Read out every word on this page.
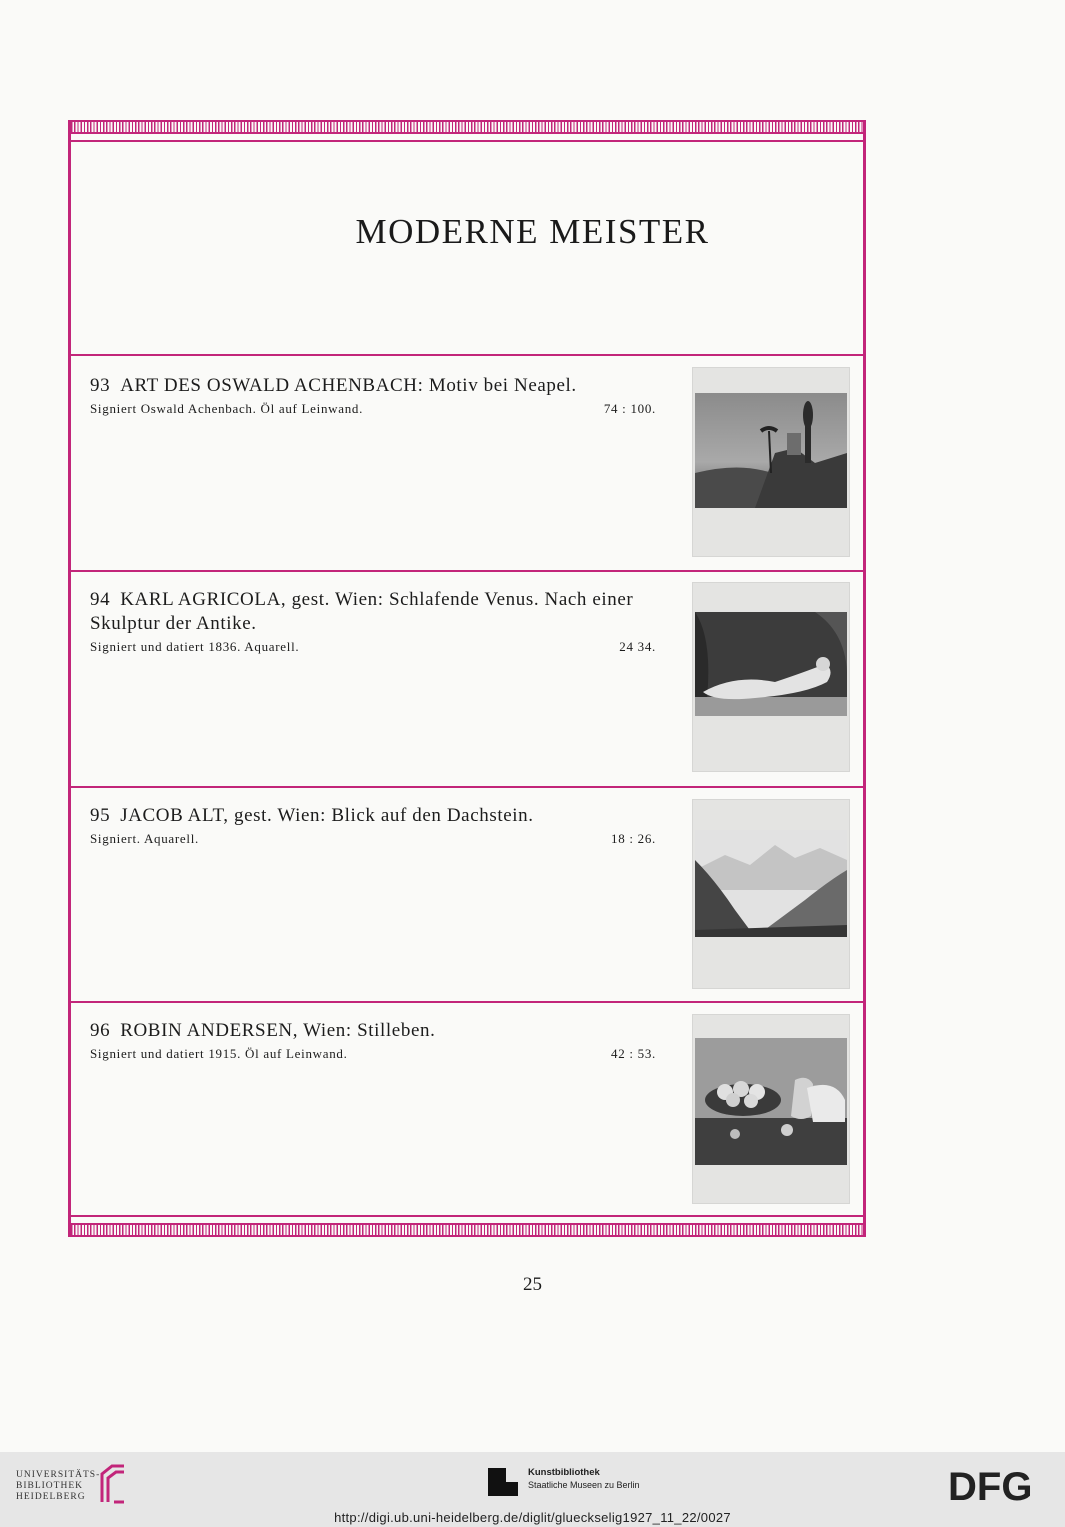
MODERNE MEISTER
93 ART DES OSWALD ACHENBACH: Motiv bei Neapel.
Signiert Oswald Achenbach. Öl auf Leinwand.	74 : 100.
94 KARL AGRICOLA, gest. Wien: Schlafende Venus. Nach einer Skulptur der Antike.
Signiert und datiert 1836. Aquarell.	24 34.
95 JACOB ALT, gest. Wien: Blick auf den Dachstein.
Signiert. Aquarell.	18 : 26.
96 ROBIN ANDERSEN, Wien: Stilleben.
Signiert und datiert 1915. Öl auf Leinwand.	42 : 53.
25
UNIVERSITÄTS-
BIBLIOTHEK
HEIDELBERG
Kunstbibliothek
Staatliche Museen zu Berlin	DFG
http://digi.ub.uni-heidelberg.de/diglit/glueckselig1927_11_22/0027
